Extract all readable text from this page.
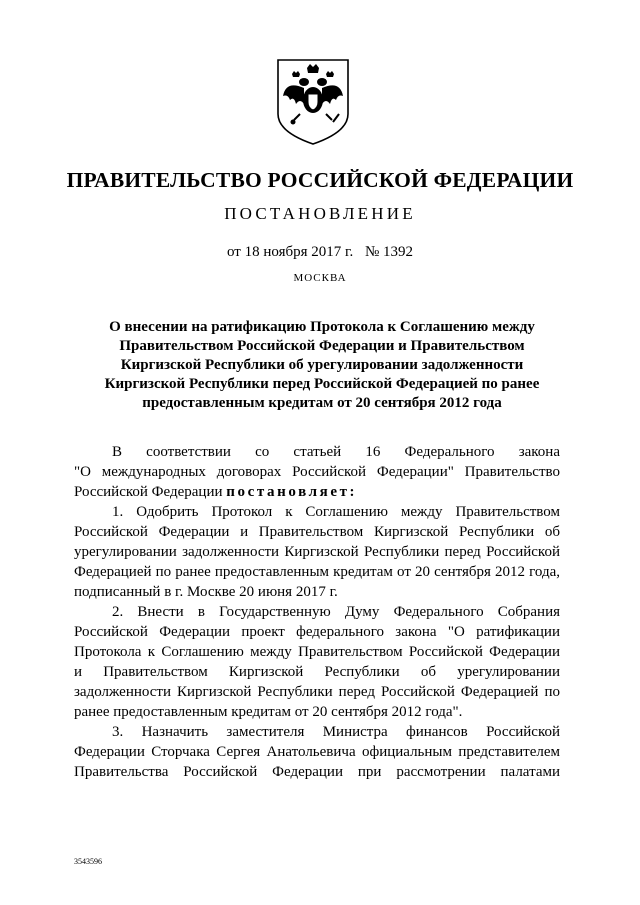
ПРАВИТЕЛЬСТВО РОССИЙСКОЙ ФЕДЕРАЦИИ
ПОСТАНОВЛЕНИЕ
от 18 ноября 2017 г. № 1392
МОСКВА
О внесении на ратификацию Протокола к Соглашению между
Правительством Российской Федерации и Правительством
Киргизской Республики об урегулировании задолженности
Киргизской Республики перед Российской Федерацией по ранее
предоставленным кредитам от 20 сентября 2012 года
В соответствии со статьей 16 Федерального закона
"О международных договорах Российской Федерации" Правительство
Российской Федерации постановляет:
1. Одобрить Протокол к Соглашению между Правительством
Российской Федерации и Правительством Киргизской Республики об
урегулировании задолженности Киргизской Республики перед Российской
Федерацией по ранее предоставленным кредитам от 20 сентября 2012 года,
подписанный в г. Москве 20 июня 2017 г.
2. Внести в Государственную Думу Федерального Собрания
Российской Федерации проект федерального закона "О ратификации
Протокола к Соглашению между Правительством Российской Федерации
и Правительством Киргизской Республики об урегулировании
задолженности Киргизской Республики перед Российской Федерацией по
ранее предоставленным кредитам от 20 сентября 2012 года".
3. Назначить заместителя Министра финансов Российской
Федерации Сторчака Сергея Анатольевича официальным представителем
Правительства Российской Федерации при рассмотрении палатами
3543596
